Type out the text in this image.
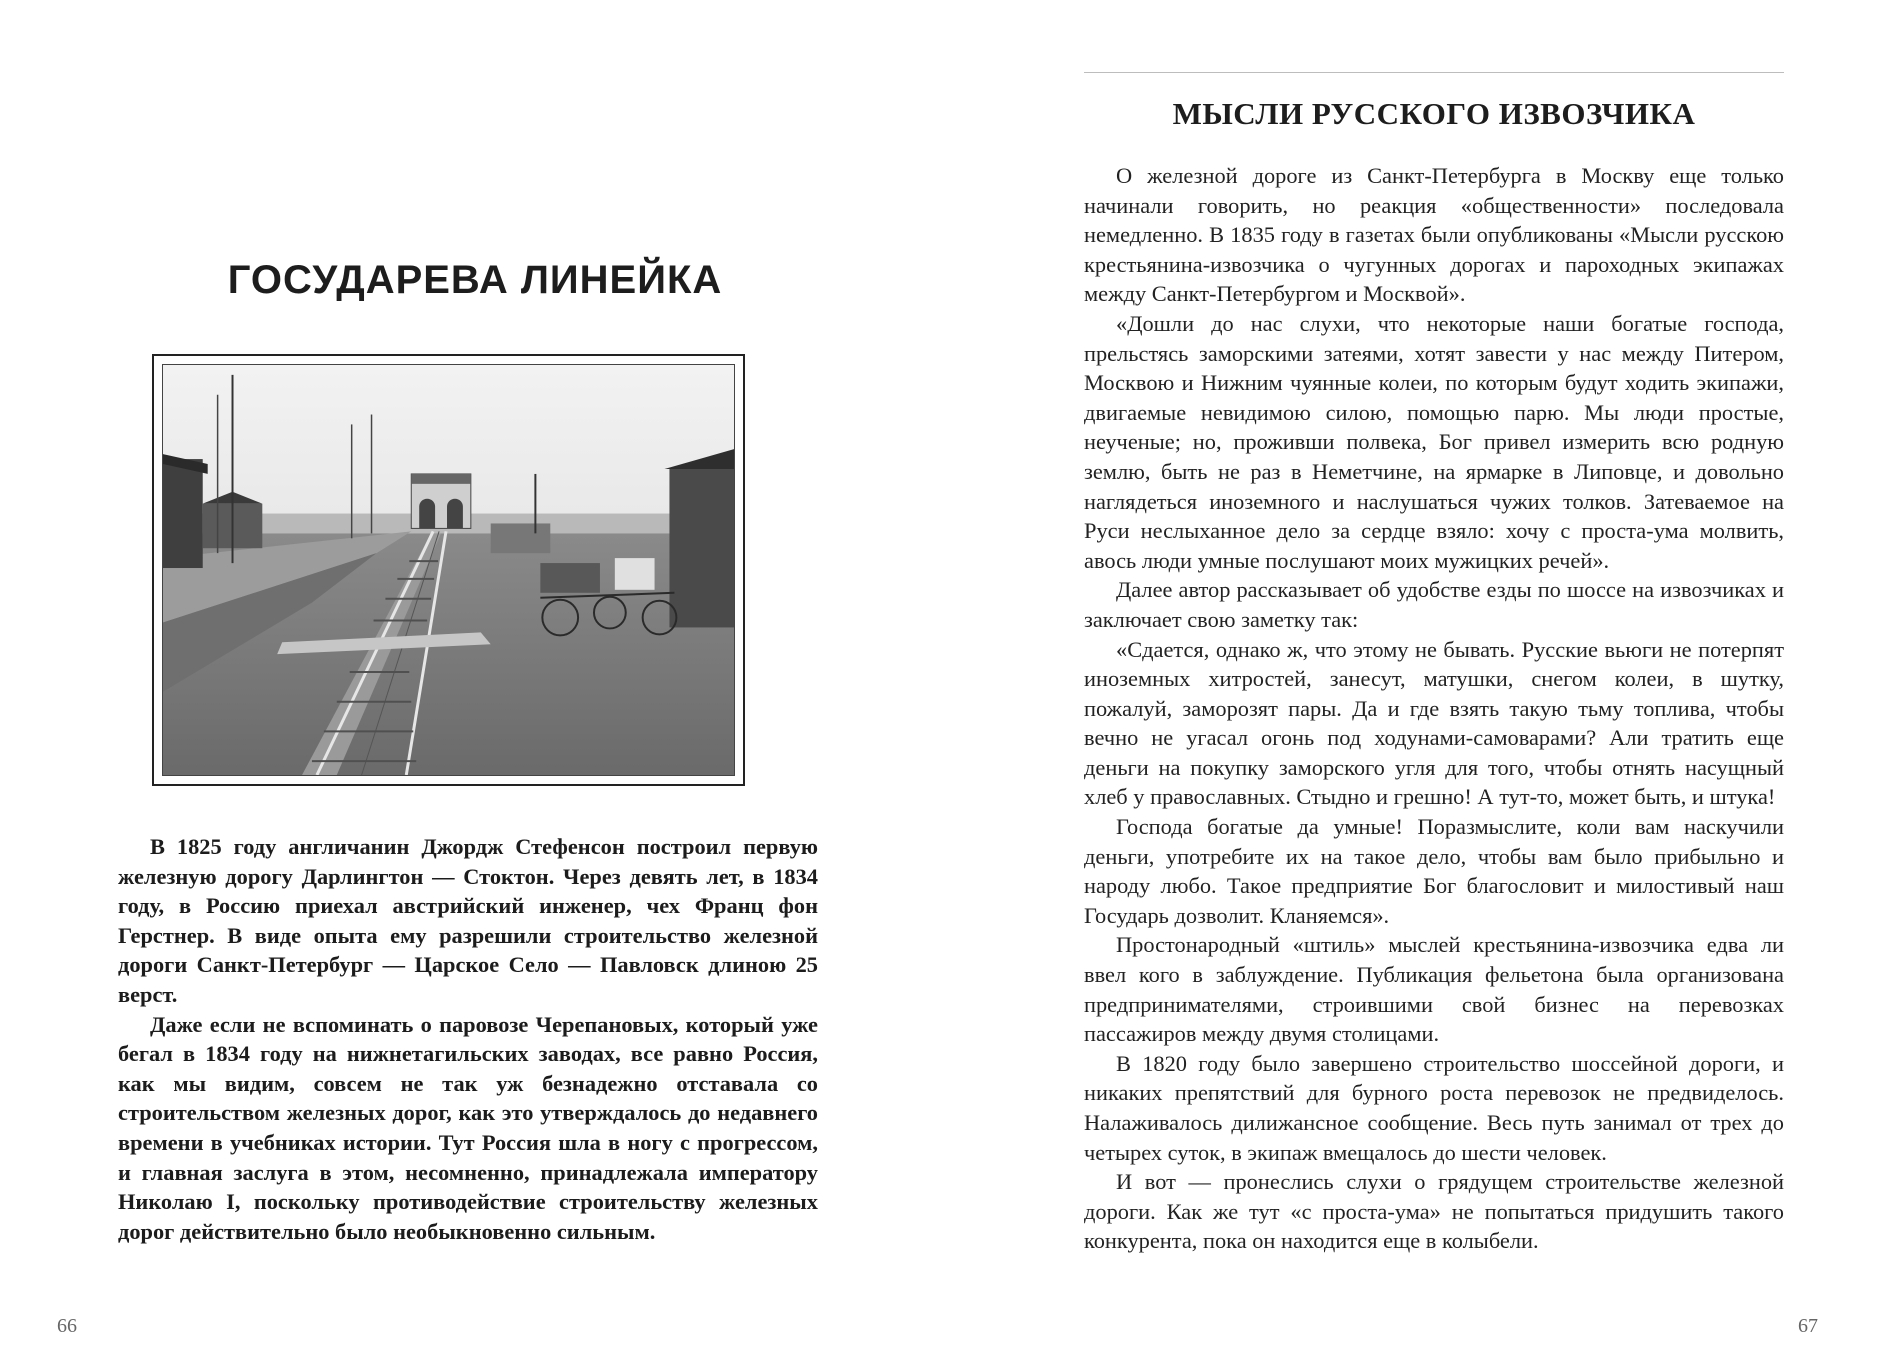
ГОСУДАРЕВА ЛИНЕЙКА

В 1825 году англичанин Джордж Стефенсон построил первую железную дорогу Дарлингтон — Стоктон. Через девять лет, в 1834 году, в Россию приехал австрийский инженер, чех Франц фон Герстнер. В виде опыта ему разрешили строительство железной дороги Санкт-Петербург — Царское Село — Павловск длиною 25 верст.

Даже если не вспоминать о паровозе Черепановых, который уже бегал в 1834 году на нижнетагильских заводах, все равно Россия, как мы видим, совсем не так уж безнадежно отставала со строительством железных дорог, как это утверждалось до недавнего времени в учебниках истории. Тут Россия шла в ногу с прогрессом, и главная заслуга в этом, несомненно, принадлежала императору Николаю I, поскольку противодействие строительству железных дорог действительно было необыкновенно сильным.

66
МЫСЛИ РУССКОГО ИЗВОЗЧИКА

О железной дороге из Санкт-Петербурга в Москву еще только начинали говорить, но реакция «общественности» последовала немедленно. В 1835 году в газетах были опубликованы «Мысли русскою крестьянина-извозчика о чугунных дорогах и пароходных экипажах между Санкт-Петербургом и Москвой».

«Дошли до нас слухи, что некоторые наши богатые господа, прельстясь заморскими затеями, хотят завести у нас между Питером, Москвою и Нижним чуянные колеи, по которым будут ходить экипажи, двигаемые невидимою силою, помощью парю. Мы люди простые, неученые; но, проживши полвека, Бог привел измерить всю родную землю, быть не раз в Неметчине, на ярмарке в Липовце, и довольно наглядеться иноземного и наслушаться чужих толков. Затеваемое на Руси неслыханное дело за сердце взяло: хочу с проста-ума молвить, авось люди умные послушают моих мужицких речей».

Далее автор рассказывает об удобстве езды по шоссе на извозчиках и заключает свою заметку так:

«Сдается, однако ж, что этому не бывать. Русские вьюги не потерпят иноземных хитростей, занесут, матушки, снегом колеи, в шутку, пожалуй, заморозят пары. Да и где взять такую тьму топлива, чтобы вечно не угасал огонь под ходунами-самоварами? Али тратить еще деньги на покупку заморского угля для того, чтобы отнять насущный хлеб у православных. Стыдно и грешно! А тут-то, может быть, и штука!

Господа богатые да умные! Поразмыслите, коли вам наскучили деньги, употребите их на такое дело, чтобы вам было прибыльно и народу любо. Такое предприятие Бог благословит и милостивый наш Государь дозволит. Кланяемся».

Простонародный «штиль» мыслей крестьянина-извозчика едва ли ввел кого в заблуждение. Публикация фельетона была организована предпринимателями, строившими свой бизнес на перевозках пассажиров между двумя столицами.

В 1820 году было завершено строительство шоссейной дороги, и никаких препятствий для бурного роста перевозок не предвиделось. Налаживалось дилижансное сообщение. Весь путь занимал от трех до четырех суток, в экипаж вмещалось до шести человек.

И вот — пронеслись слухи о грядущем строительстве железной дороги. Как же тут «с проста-ума» не попытаться придушить такого конкурента, пока он находится еще в колыбели.

67
